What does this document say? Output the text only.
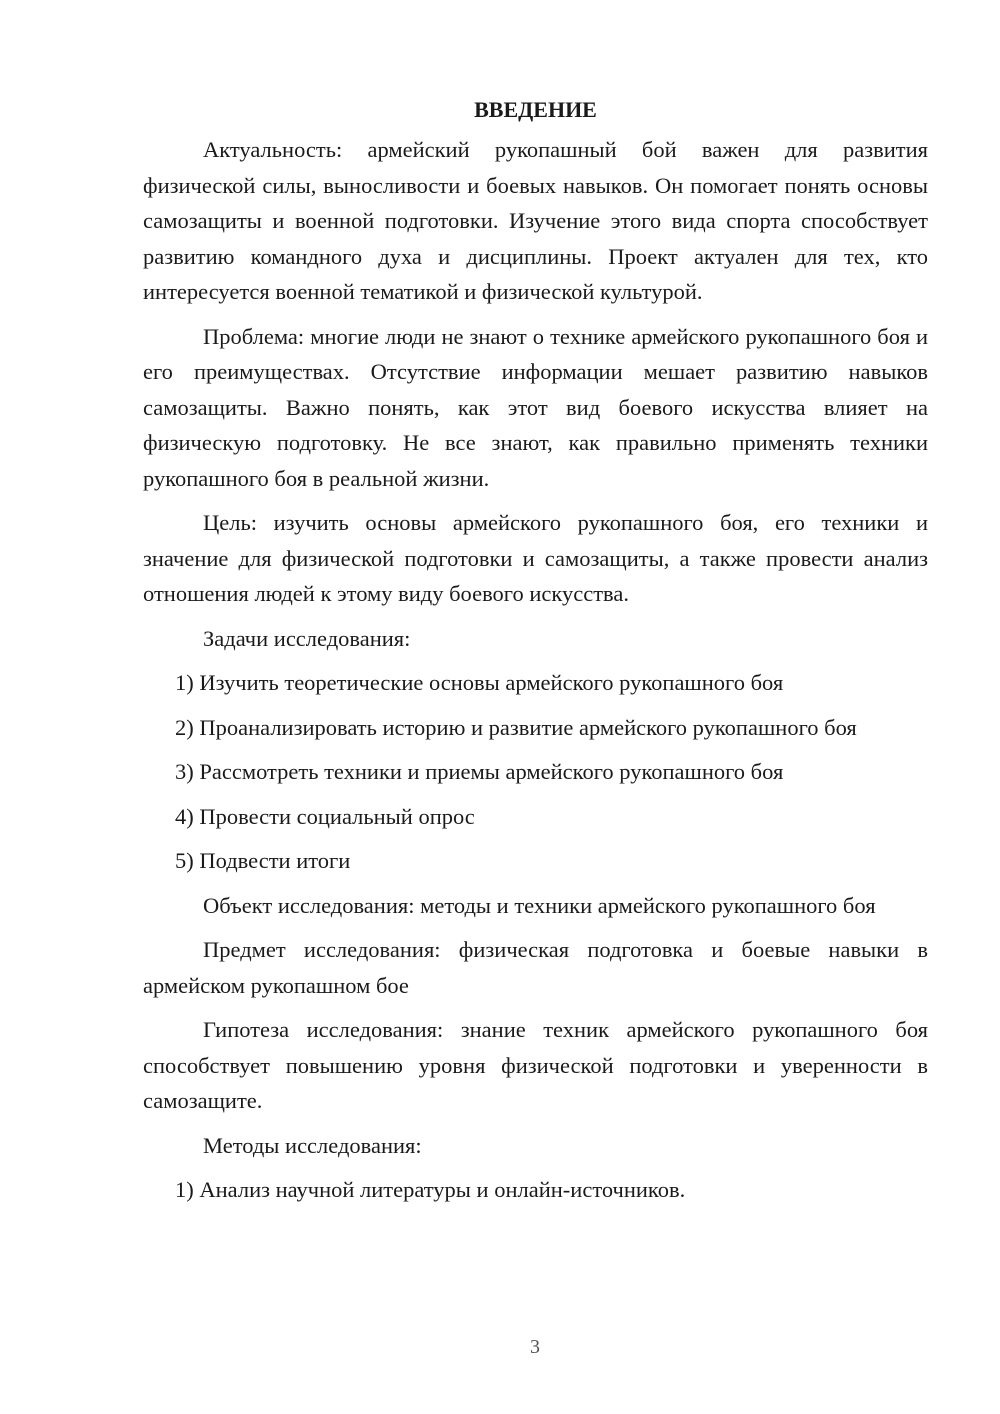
ВВЕДЕНИЕ

Актуальность: армейский рукопашный бой важен для развития физической силы, выносливости и боевых навыков. Он помогает понять основы самозащиты и военной подготовки. Изучение этого вида спорта способствует развитию командного духа и дисциплины. Проект актуален для тех, кто интересуется военной тематикой и физической культурой.

Проблема: многие люди не знают о технике армейского рукопашного боя и его преимуществах. Отсутствие информации мешает развитию навыков самозащиты. Важно понять, как этот вид боевого искусства влияет на физическую подготовку. Не все знают, как правильно применять техники рукопашного боя в реальной жизни.

Цель: изучить основы армейского рукопашного боя, его техники и значение для физической подготовки и самозащиты, а также провести анализ отношения людей к этому виду боевого искусства.

Задачи исследования:

1) Изучить теоретические основы армейского рукопашного боя

2) Проанализировать историю и развитие армейского рукопашного боя

3) Рассмотреть техники и приемы армейского рукопашного боя

4) Провести социальный опрос

5) Подвести итоги

Объект исследования: методы и техники армейского рукопашного боя

Предмет исследования: физическая подготовка и боевые навыки в армейском рукопашном бое

Гипотеза исследования: знание техник армейского рукопашного боя способствует повышению уровня физической подготовки и уверенности в самозащите.

Методы исследования:

1) Анализ научной литературы и онлайн-источников.

3
